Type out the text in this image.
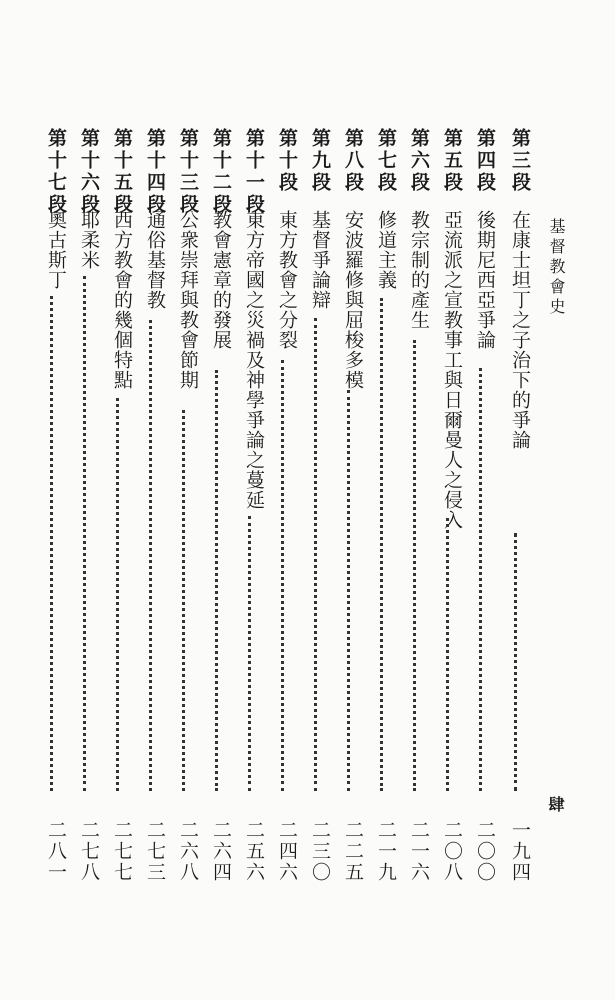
基督教會史
第三段
在康士坦丁之子治下的爭論
一九四
第四段
後期尼西亞爭論
二〇〇
第五段
亞流派之宣教事工與日爾曼人之侵入
二〇八
第六段
教宗制的產生
二一六
第七段
修道主義
二一九
第八段
安波羅修與屈梭多模
二二五
第九段
基督爭論辯
二三〇
第十段
東方教會之分裂
二四六
第十一段
東方帝國之災禍及神學爭論之蔓延
二五六
第十二段
教會憲章的發展
二六四
第十三段
公衆崇拜與教會節期
二六八
第十四段
通俗基督教
二七三
第十五段
西方教會的幾個特點
二七七
第十六段
耶柔米
二七八
第十七段
奧古斯丁
二八一
肆
